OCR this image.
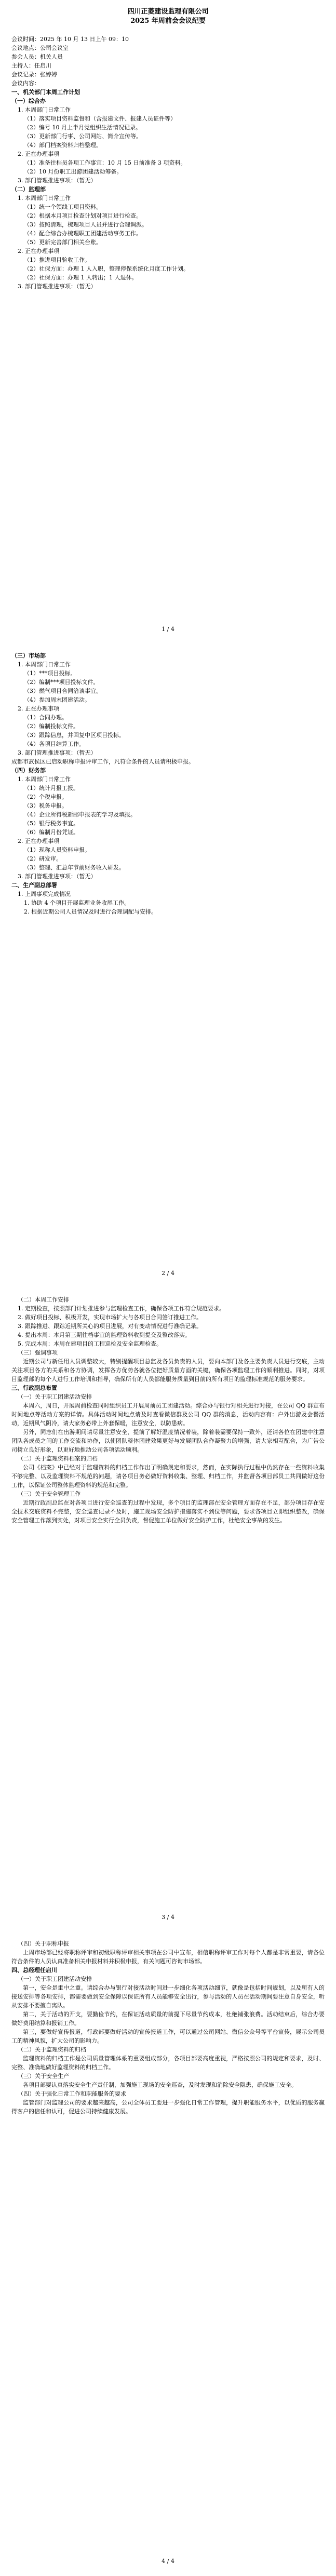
四川正菱建设监理有限公司
2025 年周前会会议纪要
会议时间：2025 年 10 月 13 日上午 09：10
会议地点：公司会议室
参会人员：机关人员
主持人：任启川
会议记录：张婷婷
会议内容：
一、机关部门本周工作计划
（一）综合办
1. 本周部门日常工作
（1）落实项目资料监督和（含报建文件、报建人员证件等）
（2）编号 10 月上半月党组织生活情况记录。
（3）更新部门行事、公司网站、简介宣传等。
（4）部门档案资料归档整理。
2. 正在办理事项
（1）准备往档员各项工作事宜：10 月 15 日前准备 3 项资料。
（2）10 月份职工出游团建活动筹备。
3. 部门管理推进事项：（暂无）
（二）监理部
1. 本周部门日常工作
（1）统一个领线工项目资料。
（2）根据本月项目检查计划对项目进行检查。
（3）按照清理，梳理项目人员并进行合理调派。
（4）配合综合办梳理职工团建活动事务工作。
（5）更新完善部门相关台账。
2. 正在办理事项
（1）推进项目验收工作。
（2）社保方面：办理 1 人入职，整理停保系统化月度工作计划。
（2）社保方面：办理 1 人转出；1 人退休。
3. 部门管理推进事项：（暂无）
1 / 4
（三）市场部
1. 本周部门日常工作
（1）***项目投标。
（2）编制***项目投标文件。
（3）燃气项目合同洽谈事宜。
（4）参加周末团建活动。
2. 正在办理事项
（1）合同办理。
（2）编制投标文件。
（3）跟踪信息，并回复中区项目投标。
（4）各项目结算工作。
3. 部门管理推进事项：（暂无）
成都市武侯区已启动职称申报评审工作，凡符合条件的人员请积极申报。
（四）财务部
1. 本周部门日常工作
（1）统计月报工报。
（2）个税申报。
（3）税务申报。
（4）企业所得税新邮申报表的学习及填报。
（5）银行税务事宜。
（6）编制月份凭证。
2. 正在办理事项
（1）现称人员资料申报。
（2）研发审。
（3）整理、汇总年节前财务收入研发。
3. 部门管理推进事项：（暂无）
二、生产副总部署
1. 上周事项完成情况
1. 协助 4 个项目开展监理业务收尾工作。
2. 根据近期公司人员情况及时进行合理调配与安排。
2 / 4
（二）本周工作安排
1. 定期检查，按照部门计划推进参与监理检查工作，确保各项工作符合规范要求。
2. 做好项目投标、积极开发，实现市场扩大与各项目合同签订推进工作。
3. 跟踪推进、跟踪近期所关心的项目进展，对有变动情况进行准确记录。
4. 提出本周：本月第三期往档事宜的监理资料收到提交及整改落实。
5. 完成本周：本周在建项目的工程巡检及安全监理检查。
（三）强调事项
近期公司与新任用人员调整较大，特别提醒项目总监及各员负责的人员，要向本部门及各主要负责人员进行交底，主动关注项目各方的关系和各方协调，发挥各方优势各就各位把好质量方面的关键，确保各项监理工作的顺利推进。同时，对项目监理部的每个人进行工作培训和指导，确保所有的人员都能服务质量到目前的所有项目的监理标准规范的服务要求。
三、行政副总布置
（一）关于职工团建活动安排
本周六，周日，开展周前检查同时组织员工开展周前员工团建活动。综合办与银行对相关进行对接，在公司 QQ 群宣布时间地点等活动方案的详情。具体活动时间地点请及时查看微信群及公司 QQ 群的消息，活动内容有：户外出游及会餐活动，近期风气阴冷，请大家务必带上外套保暖，注意安全，以防患病。
另外，同志们在出游期间请尽量注意安全，提前了解好温度情况着装，除着装需要保持一致外，还请各位在团建中注意团队各成员之间的工作交流和协作，以使团队整体团建效果更好与发展团队合作凝聚力的增强，请大家相互配合，为广告公司树立良好形象，以更好地推动公司各项活动顺利。
（二）关于监理资料档案的归档
公司《档案》中已经对于监理资料的归档工作作出了明确规定和要求，然而，在实际执行过程中仍然存在一些资料收集不够完整、以及监理资料不规范的问题，请各项目务必做好资料收集、整理、归档工作，并监督各项目部员工共同做好这份工作，以保证公司整体监理资料的规范和完整。
（三）关于安全管理工作
近期行政副总监在对各项目进行安全巡查的过程中发现，多个项目的监理部在安全管理方面存在不足，部分项目存在安全技术交底资料不完整，安全巡查记录不及时，施工现场安全防护措施落实不到位等问题，要求各项目立即组织整改，确保安全管理工作落到实处，对项目安全实行全员负责，督促施工单位做好安全防护工作，杜绝安全事故的发生。
3 / 4
（四）关于职称申报
上周市场部已经将职称评审和初级职称评审相关事项在公司中宣布，相信职称评审工作对每个人都是非常重要，请各位符合条件的人员认真准备相关申报材料并积极申报，有关问题可咨询市场部。
四、总经理任启川
（一）关于职工团建活动安排
第一，安全是重中之重。请综合办与银行对接活动时间进一步细化各项活动细节，就像是包括时间规划，以及所有人的接送安排等各项安排，都需要做到安全保障以保证所有人员能够安全出行，参与活动的人员在活动期间要注意自身安全，听从安排不要擅自离队。
第二，关于活动的开支，要勤俭节约，在保证活动质量的前提下尽量节约成本，杜绝铺张浪费。活动结束后，综合办要做好费用结算和报销工作。
第三，要做好宣传报道，行政部要做好活动的宣传报道工作，可以通过公司网站、微信公众号等平台宣传，展示公司员工的精神风貌，扩大公司的影响力。
（二）关于监理资料的归档
监理资料的归档工作是公司质量管理体系的重要组成部分，各项目部要高度重视，严格按照公司的规定和要求，及时、完整、准确地做好监理资料的归档工作。
（三）关于安全生产
各项目部要认真落实安全生产责任制，加强施工现场的安全巡查，及时发现和消除安全隐患，确保施工安全。
（四）关于强化日常工作和职能服务的要求
监管部门对监理公司的要求越来越高，公司全体员工要进一步强化日常工作管理，提升职能服务水平，以优质的服务赢得客户的信任和认可，促进公司持续健康发展。
4 / 4
